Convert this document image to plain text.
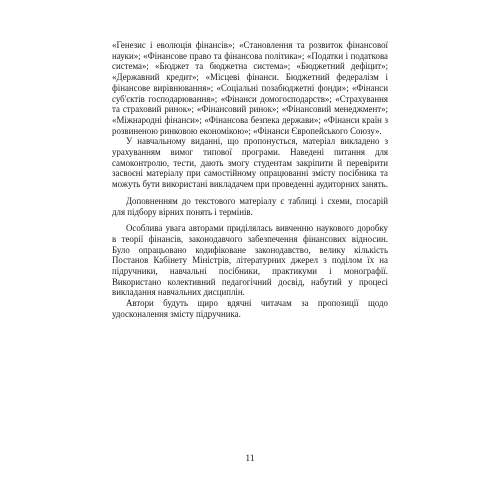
«Генезис і еволюція фінансів»; «Становлення та розвиток фінансової науки»; «Фінансове право та фінансова політика»; «Податки і податкова система»; «Бюджет та бюджетна система»; «Бюджетний дефіцит»; «Державний кредит»; «Місцеві фінанси. Бюджетний федералізм і фінансове вирівнювання»; «Соціальні позабюджетні фонди»; «Фінанси суб'єктів господарювання»; «Фінанси домогосподарств»; «Страхування та страховий ринок»; «Фінансовий ринок»; «Фінансовий менеджмент»; «Міжнародні фінанси»; «Фінансова безпека держави»; «Фінанси країн з розвиненою ринковою економікою»; «Фінанси Європейського Союзу».

У навчальному виданні, що пропонується, матеріал викладено з урахуванням вимог типової програми. Наведені питання для самоконтролю, тести, дають змогу студентам закріпити й перевірити засвоєні матеріалу при самостійному опрацюванні змісту посібника та можуть бути використані викладачем при проведенні аудиторних занять.

Доповненням до текстового матеріалу є таблиці і схеми, глосарій для підбору вірних понять і термінів.

Особлива увага авторами приділялась вивченню наукового доробку в теорії фінансів, законодавчого забезпечення фінансових відносин. Було опрацьовано кодифіковане законодавство, велику кількість Постанов Кабінету Міністрів, літературних джерел з поділом їх на підручники, навчальні посібники, практикуми і монографії. Використано колективний педагогічний досвід, набутий у процесі викладання навчальних дисциплін.

Автори будуть щиро вдячні читачам за пропозиції щодо удосконалення змісту підручника.

11
